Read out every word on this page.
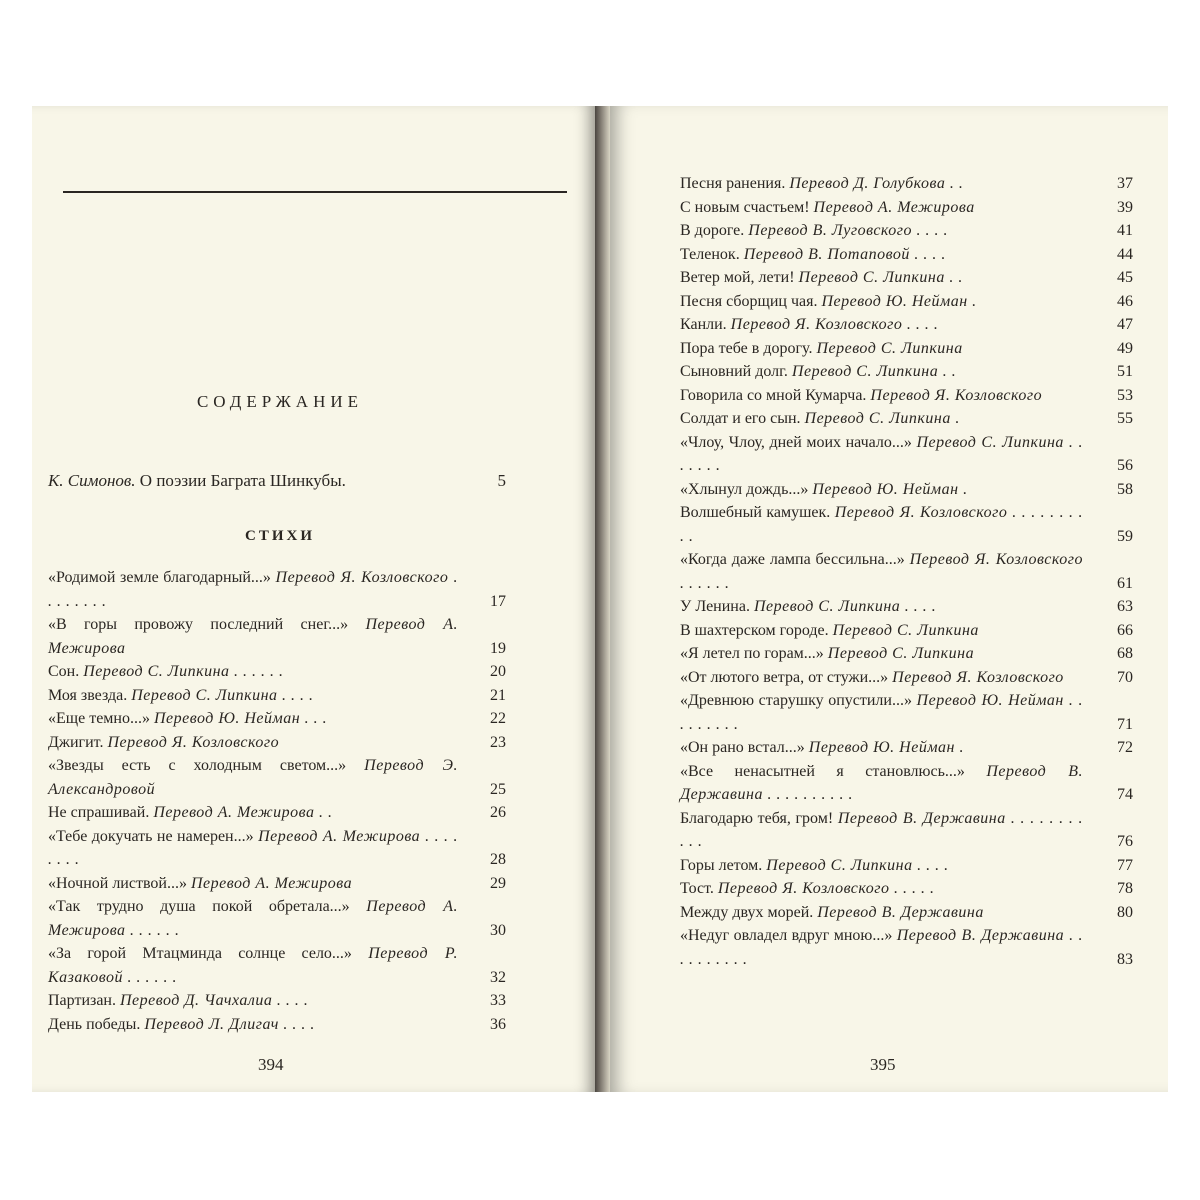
СОДЕРЖАНИЕ
К. Симонов. О поэзии Баграта Шинкубы.	5
СТИХИ
«Родимой земле благодарный...» Перевод Я. Козловского . . . . . . . .	17
«В горы провожу последний снег...» Перевод А. Межирова	19
Сон. Перевод С. Липкина . . . . . .	20
Моя звезда. Перевод С. Липкина . . . .	21
«Еще темно...» Перевод Ю. Нейман . . .	22
Джигит. Перевод Я. Козловского	23
«Звезды есть с холодным светом...» Перевод Э. Александровой	25
Не спрашивай. Перевод А. Межирова . .	26
«Тебе докучать не намерен...» Перевод А. Межирова . . . . . . . .	28
«Ночной листвой...» Перевод А. Межирова	29
«Так трудно душа покой обретала...» Перевод А. Межирова . . . . . .	30
«За горой Мтацминда солнце село...» Перевод Р. Казаковой . . . . . .	32
Партизан. Перевод Д. Чачхалиа . . . .	33
День победы. Перевод Л. Длигач . . . .	36
Песня ранения. Перевод Д. Голубкова . .	37
С новым счастьем! Перевод А. Межирова	39
В дороге. Перевод В. Луговского . . . .	41
Теленок. Перевод В. Потаповой . . . .	44
Ветер мой, лети! Перевод С. Липкина . .	45
Песня сборщиц чая. Перевод Ю. Нейман .	46
Канли. Перевод Я. Козловского . . . .	47
Пора тебе в дорогу. Перевод С. Липкина	49
Сыновний долг. Перевод С. Липкина . .	51
Говорила со мной Кумарча. Перевод Я. Козловского	53
Солдат и его сын. Перевод С. Липкина .	55
«Члоу, Члоу, дней моих начало...» Перевод С. Липкина . . . . . . .	56
«Хлынул дождь...» Перевод Ю. Нейман .	58
Волшебный камушек. Перевод Я. Козловского . . . . . . . . . .	59
«Когда даже лампа бессильна...» Перевод Я. Козловского . . . . . .	61
У Ленина. Перевод С. Липкина . . . .	63
В шахтерском городе. Перевод С. Липкина	66
«Я летел по горам...» Перевод С. Липкина	68
«От лютого ветра, от стужи...» Перевод Я. Козловского	70
«Древнюю старушку опустили...» Перевод Ю. Нейман . . . . . . . . .	71
«Он рано встал...» Перевод Ю. Нейман .	72
«Все ненасытней я становлюсь...» Перевод В. Державина . . . . . . . . . .	74
Благодарю тебя, гром! Перевод В. Державина . . . . . . . . . . .	76
Горы летом. Перевод С. Липкина . . . .	77
Тост. Перевод Я. Козловского . . . . .	78
Между двух морей. Перевод В. Державина	80
«Недуг овладел вдруг мною...» Перевод В. Державина . . . . . . . . . .	83
394	395
